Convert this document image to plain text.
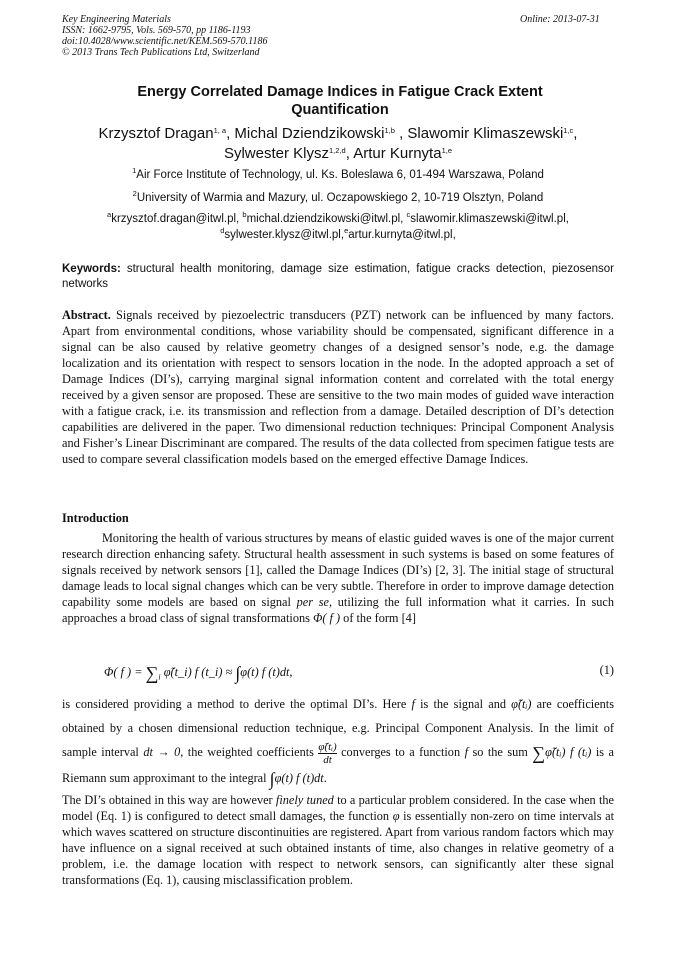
Key Engineering Materials
ISSN: 1662-9795, Vols. 569-570, pp 1186-1193
doi:10.4028/www.scientific.net/KEM.569-570.1186
© 2013 Trans Tech Publications Ltd, Switzerland
Online: 2013-07-31
Energy Correlated Damage Indices in Fatigue Crack Extent Quantification
Krzysztof Dragan$^{1, a}$, Michal Dziendzikowski$^{1,b}$ , Slawomir Klimaszewski$^{1,c}$,
Sylwester Klysz$^{1,2,d}$, Artur Kurnyta$^{1,e}$
$^1$Air Force Institute of Technology, ul. Ks. Boleslawa 6, 01-494 Warszawa, Poland
$^2$University of Warmia and Mazury, ul. Oczapowskiego 2, 10-719 Olsztyn, Poland
$^a$krzysztof.dragan@itwl.pl, $^b$michal.dziendzikowski@itwl.pl, $^c$slawomir.klimaszewski@itwl.pl,
$^d$sylwester.klysz@itwl.pl,$^e$artur.kurnyta@itwl.pl,
Keywords: structural health monitoring, damage size estimation, fatigue cracks detection, piezosensor networks
Abstract. Signals received by piezoelectric transducers (PZT) network can be influenced by many factors. Apart from environmental conditions, whose variability should be compensated, significant difference in a signal can be also caused by relative geometry changes of a designed sensor’s node, e.g. the damage localization and its orientation with respect to sensors location in the node. In the adopted approach a set of Damage Indices (DI’s), carrying marginal signal information content and correlated with the total energy received by a given sensor are proposed. These are sensitive to the two main modes of guided wave interaction with a fatigue crack, i.e. its transmission and reflection from a damage. Detailed description of DI’s detection capabilities are delivered in the paper. Two dimensional reduction techniques: Principal Component Analysis and Fisher’s Linear Discriminant are compared. The results of the data collected from specimen fatigue tests are used to compare several classification models based on the emerged effective Damage Indices.
Introduction
Monitoring the health of various structures by means of elastic guided waves is one of the major current research direction enhancing safety. Structural health assessment in such systems is based on some features of signals received by network sensors [1], called the Damage Indices (DI’s) [2, 3]. The initial stage of structural damage leads to local signal changes which can be very subtle. Therefore in order to improve damage detection capability some models are based on signal per se, utilizing the full information what it carries. In such approaches a broad class of signal transformations Φ( f ) of the form [4]
Φ( f ) = $\sum_i$ φ̃(t_i) f (t_i) ≈ ∫φ(t) f (t)dt,	(1)
is considered providing a method to derive the optimal DI’s. Here f is the signal and φ̃(tᵢ) are coefficients obtained by a chosen dimensional reduction technique, e.g. Principal Component Analysis. In the limit of sample interval dt → 0, the weighted coefficients $\frac{\text{φ̃(tᵢ)}}{dt}$ converges to a function f so the sum ∑φ̃(tᵢ) f (tᵢ) is a Riemann sum approximant to the integral ∫φ(t) f (t)dt.
The DI’s obtained in this way are however finely tuned to a particular problem considered. In the case when the model (Eq. 1) is configured to detect small damages, the function φ is essentially non-zero on time intervals at which waves scattered on structure discontinuities are registered. Apart from various random factors which may have influence on a signal received at such obtained instants of time, also changes in relative geometry of a problem, i.e. the damage location with respect to network sensors, can significantly alter these signal transformations (Eq. 1), causing misclassification problem.
